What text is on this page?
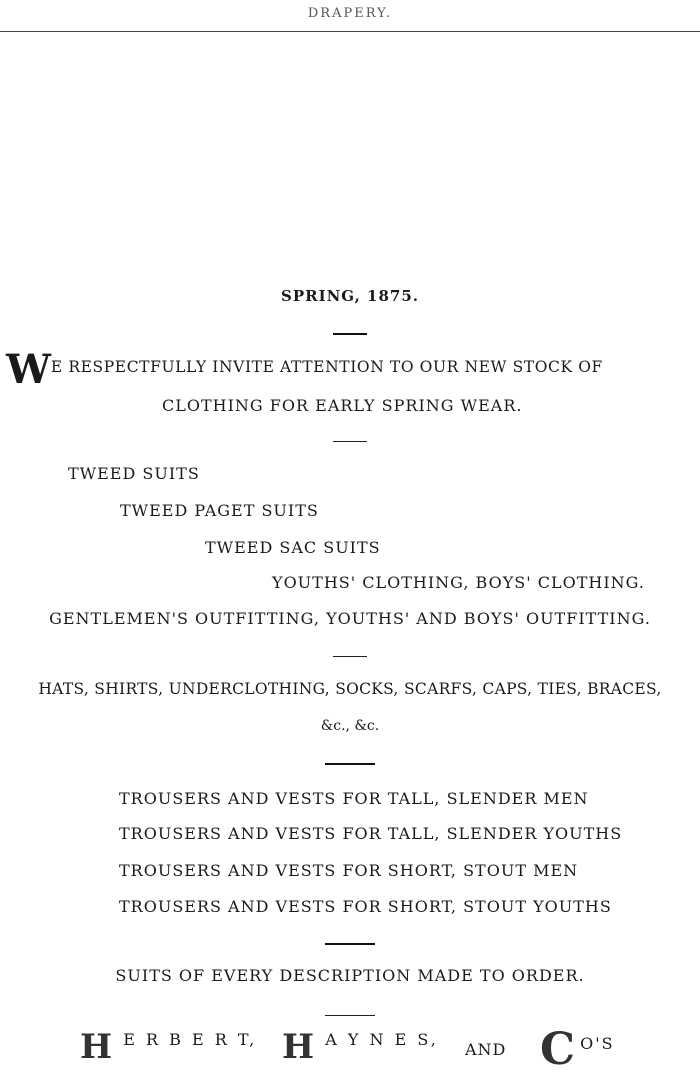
DRAPERY.
SPRING, 1875.
WE RESPECTFULLY INVITE ATTENTION TO OUR NEW STOCK OF
CLOTHING FOR EARLY SPRING WEAR.
TWEED SUITS
TWEED PAGET SUITS
TWEED SAC SUITS
YOUTHS' CLOTHING, BOYS' CLOTHING.
GENTLEMEN'S OUTFITTING, YOUTHS' AND BOYS' OUTFITTING.
HATS, SHIRTS, UNDERCLOTHING, SOCKS, SCARFS, CAPS, TIES, BRACES,
&c., &c.
TROUSERS AND VESTS FOR TALL, SLENDER MEN
TROUSERS AND VESTS FOR TALL, SLENDER YOUTHS
TROUSERS AND VESTS FOR SHORT, STOUT MEN
TROUSERS AND VESTS FOR SHORT, STOUT YOUTHS
SUITS OF EVERY DESCRIPTION MADE TO ORDER.
H E R B E R T, H A Y N E S,
AND C O'S
